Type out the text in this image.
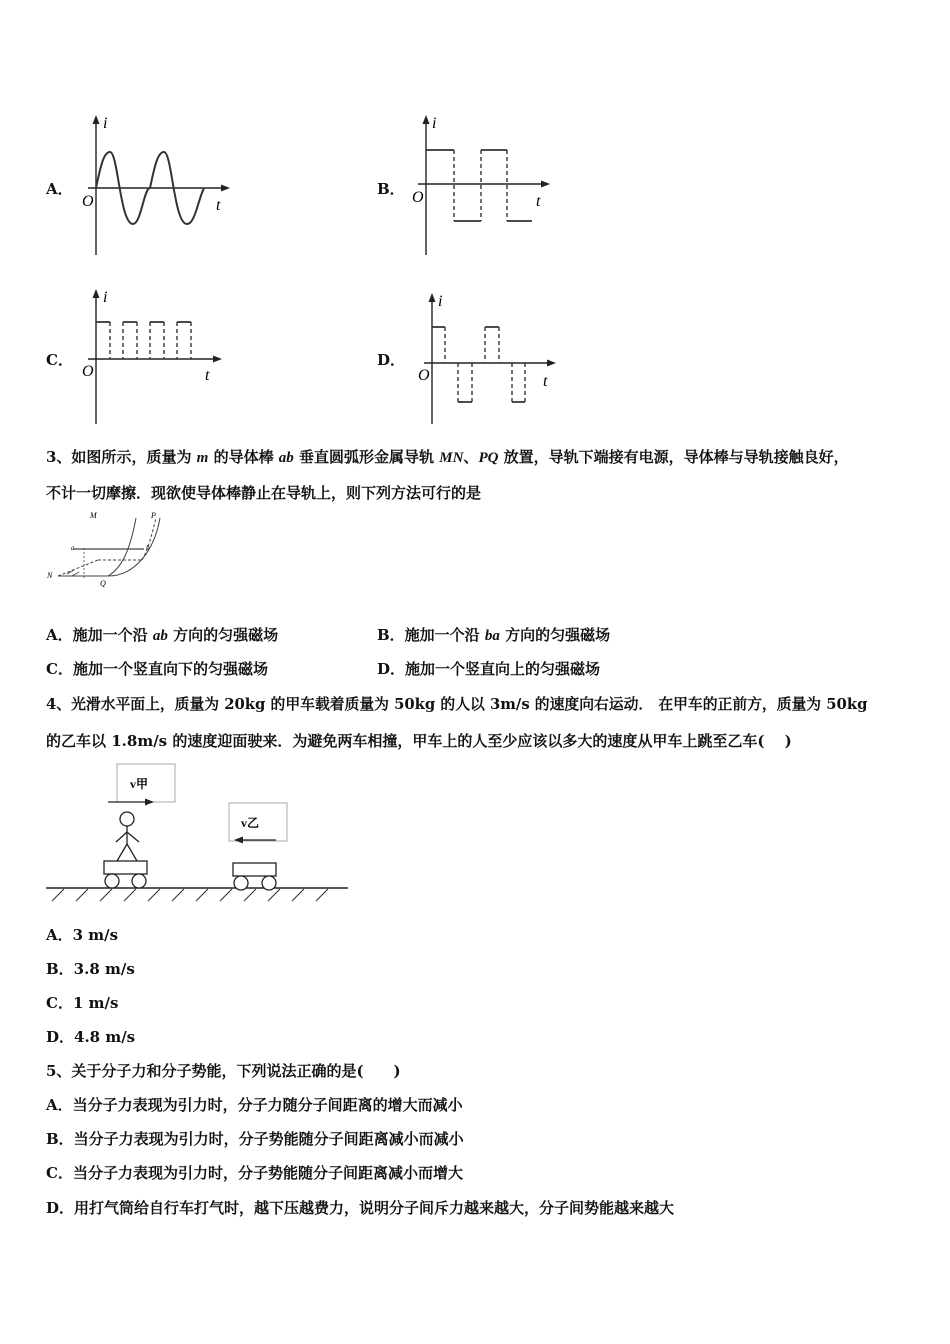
A．
i
O	t
B．
i
O	t
C．
i
O	t
D．
i
O	t
3、如图所示，质量为 m 的导体棒 ab 垂直圆弧形金属导轨 MN、PQ 放置，导轨下端接有电源，导体棒与导轨接触良好，
不计一切摩擦．现欲使导体棒静止在导轨上，则下列方法可行的是
M	P
a	b
N
Q
A．施加一个沿 ab 方向的匀强磁场	B．施加一个沿 ba 方向的匀强磁场
C．施加一个竖直向下的匀强磁场	D．施加一个竖直向上的匀强磁场
4、光滑水平面上，质量为 20kg 的甲车载着质量为 50kg 的人以 3m/s 的速度向右运动． 在甲车的正前方，质量为 50kg
的乙车以 1.8m/s 的速度迎面驶来．为避免两车相撞，甲车上的人至少应该以多大的速度从甲车上跳至乙车(　 )
v甲
v乙
A．3 m/s
B．3.8 m/s
C．1 m/s
D．4.8 m/s
5、关于分子力和分子势能，下列说法正确的是(　　)
A．当分子力表现为引力时，分子力随分子间距离的增大而减小
B．当分子力表现为引力时，分子势能随分子间距离减小而减小
C．当分子力表现为引力时，分子势能随分子间距离减小而增大
D．用打气筒给自行车打气时，越下压越费力，说明分子间斥力越来越大，分子间势能越来越大
